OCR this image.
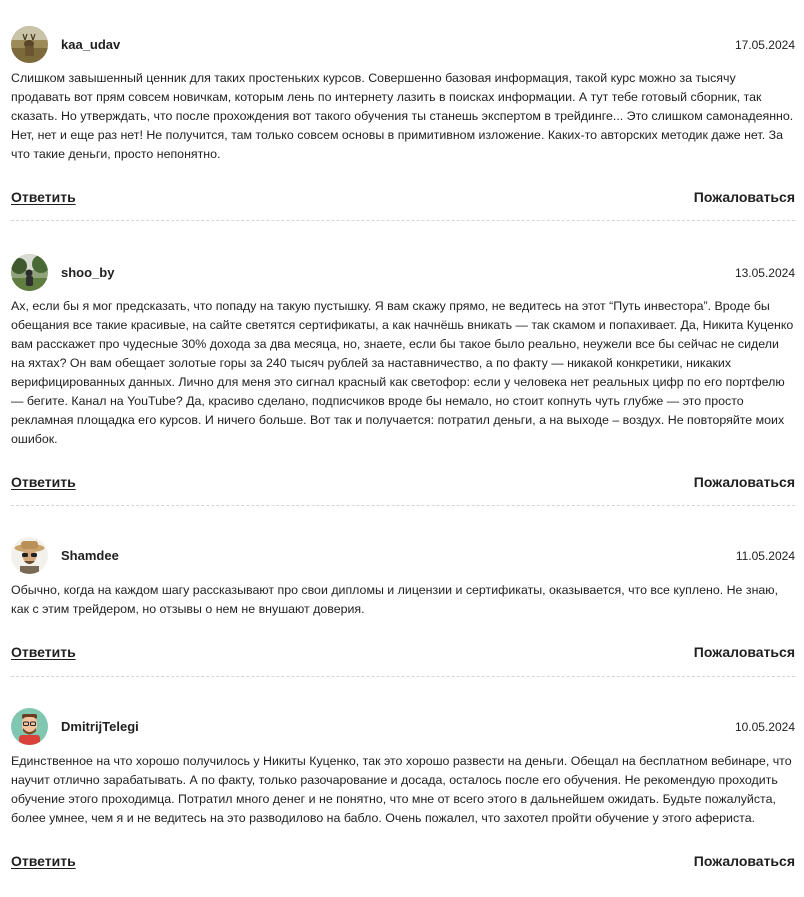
kaa_udav	17.05.2024

Слишком завышенный ценник для таких простеньких курсов. Совершенно базовая информация, такой курс можно за тысячу продавать вот прям совсем новичкам, которым лень по интернету лазить в поисках информации. А тут тебе готовый сборник, так сказать. Но утверждать, что после прохождения вот такого обучения ты станешь экспертом в трейдинге... Это слишком самонадеянно. Нет, нет и еще раз нет! Не получится, там только совсем основы в примитивном изложение. Каких-то авторских методик даже нет. За что такие деньги, просто непонятно.

Ответить	Пожаловаться
shoo_by	13.05.2024

Ах, если бы я мог предсказать, что попаду на такую пустышку. Я вам скажу прямо, не ведитесь на этот “Путь инвестора”. Вроде бы обещания все такие красивые, на сайте светятся сертификаты, а как начнёшь вникать — так скамом и попахивает. Да, Никита Куценко вам расскажет про чудесные 30% дохода за два месяца, но, знаете, если бы такое было реально, неужели все бы сейчас не сидели на яхтах? Он вам обещает золотые горы за 240 тысяч рублей за наставничество, а по факту — никакой конкретики, никаких верифицированных данных. Лично для меня это сигнал красный как светофор: если у человека нет реальных цифр по его портфелю — бегите. Канал на YouTube? Да, красиво сделано, подписчиков вроде бы немало, но стоит копнуть чуть глубже — это просто рекламная площадка его курсов. И ничего больше. Вот так и получается: потратил деньги, а на выходе – воздух. Не повторяйте моих ошибок.

Ответить	Пожаловаться
Shamdee	11.05.2024

Обычно, когда на каждом шагу рассказывают про свои дипломы и лицензии и сертификаты, оказывается, что все куплено. Не знаю, как с этим трейдером, но отзывы о нем не внушают доверия.

Ответить	Пожаловаться
DmitrijTelegi	10.05.2024

Единственное на что хорошо получилось у Никиты Куценко, так это хорошо развести на деньги. Обещал на бесплатном вебинаре, что научит отлично зарабатывать. А по факту, только разочарование и досада, осталось после его обучения. Не рекомендую проходить обучение этого проходимца. Потратил много денег и не понятно, что мне от всего этого в дальнейшем ожидать. Будьте пожалуйста, более умнее, чем я и не ведитесь на это разводилово на бабло. Очень пожалел, что захотел пройти обучение у этого афериста.

Ответить	Пожаловаться
